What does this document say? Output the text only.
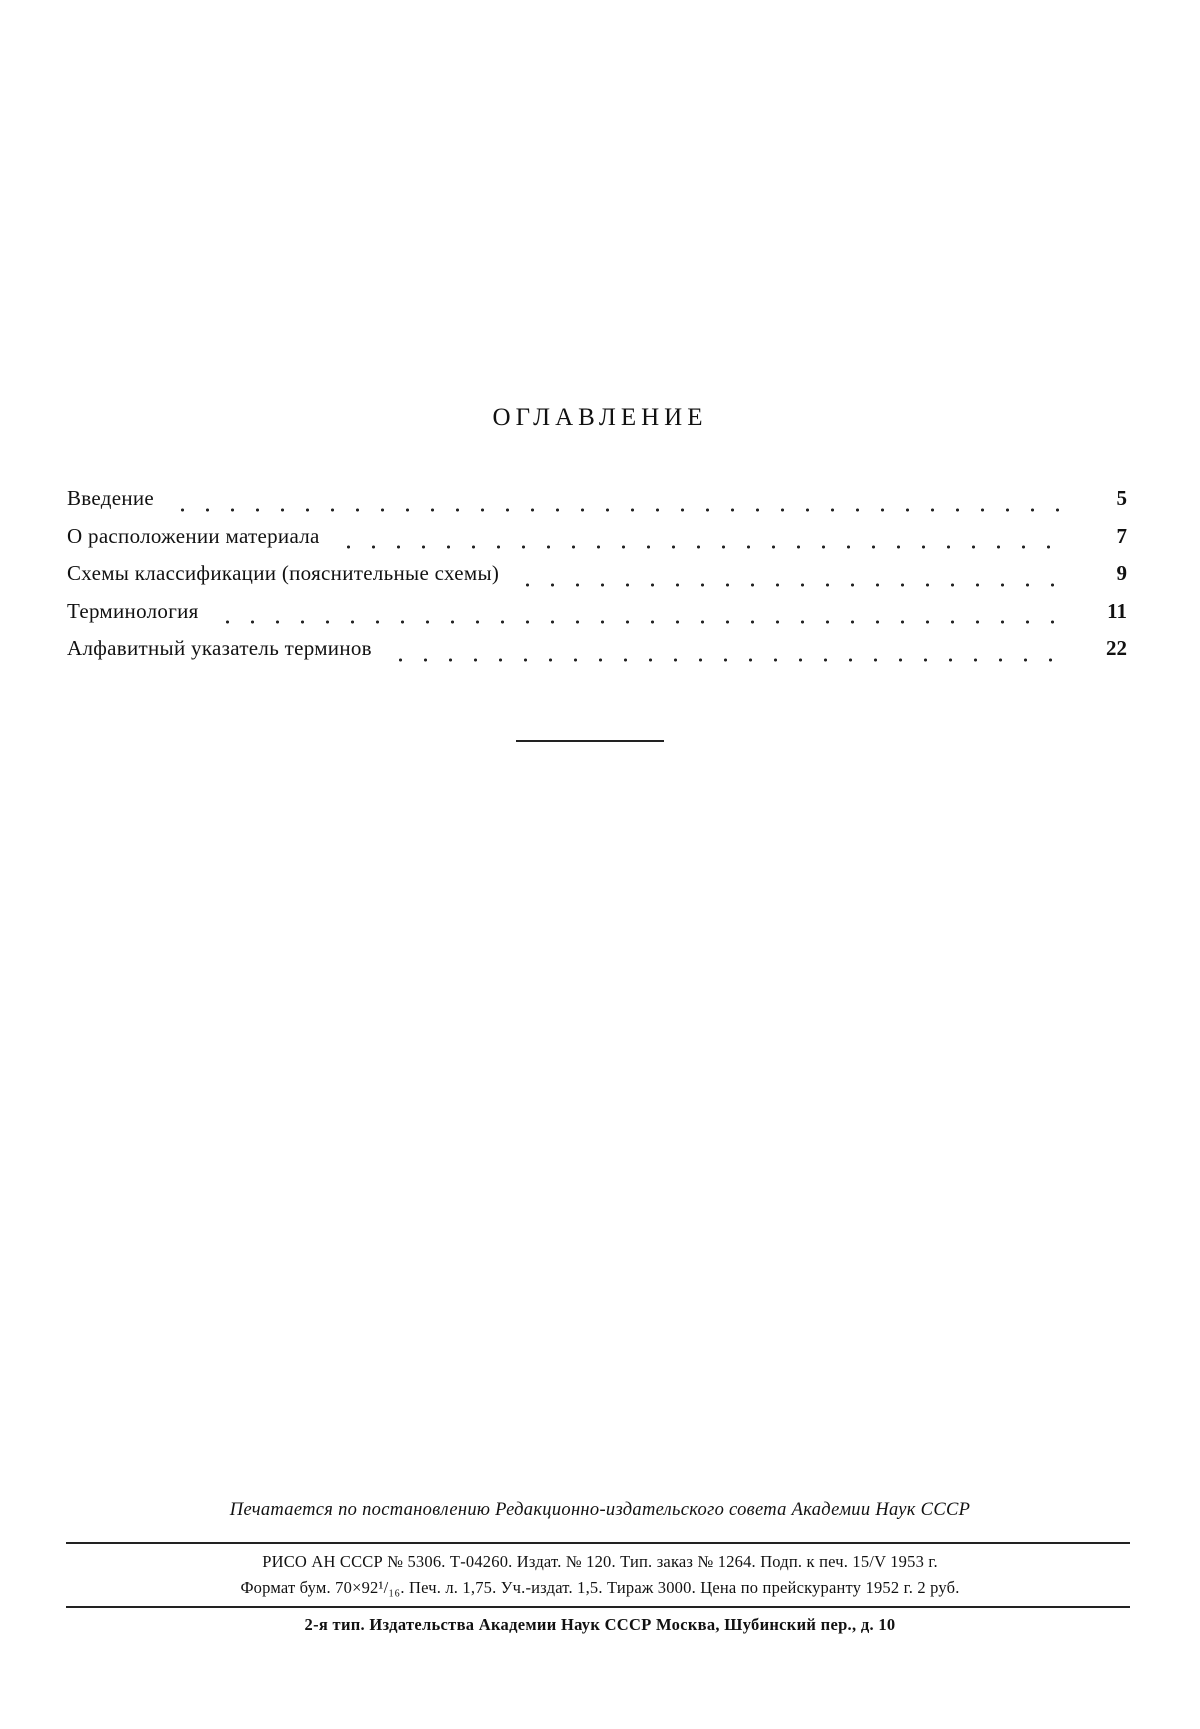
ОГЛАВЛЕНИЕ
Введение	5
О расположении материала	7
Схемы классификации (пояснительные схемы)	9
Терминология	11
Алфавитный указатель терминов	22
Печатается по постановлению Редакционно-издательского совета Академии Наук СССР
РИСО АН СССР № 5306. Т-04260. Издат. № 120. Тип. заказ № 1264. Подп. к печ. 15/V 1953 г.
Формат бум. 70×92¹/₁₆. Печ. л. 1,75. Уч.-издат. 1,5. Тираж 3000. Цена по прейскуранту 1952 г. 2 руб.
2-я тип. Издательства Академии Наук СССР Москва, Шубинский пер., д. 10
